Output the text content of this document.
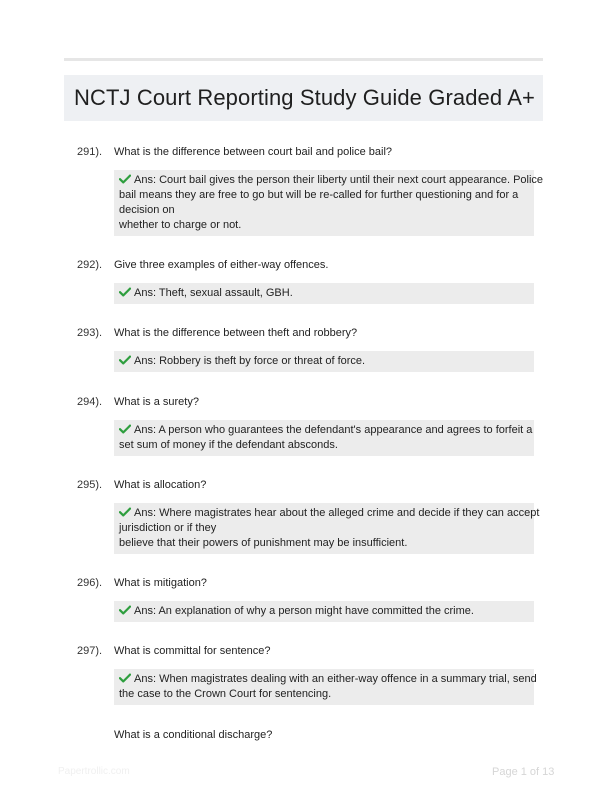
NCTJ Court Reporting Study Guide Graded A+
291). What is the difference between court bail and police bail?
Ans: Court bail gives the person their liberty until their next court appearance. Police
bail means they are free to go but will be re-called for further questioning and for a
decision on
whether to charge or not.
292). Give three examples of either-way offences.
Ans: Theft, sexual assault, GBH.
293). What is the difference between theft and robbery?
Ans: Robbery is theft by force or threat of force.
294). What is a surety?
Ans: A person who guarantees the defendant's appearance and agrees to forfeit a
set sum of money if the defendant absconds.
295). What is allocation?
Ans: Where magistrates hear about the alleged crime and decide if they can accept
jurisdiction or if they
believe that their powers of punishment may be insufficient.
296). What is mitigation?
Ans: An explanation of why a person might have committed the crime.
297). What is committal for sentence?
Ans: When magistrates dealing with an either-way offence in a summary trial, send
the case to the Crown Court for sentencing.
What is a conditional discharge?
Papertrollic.com	Page 1 of 13
